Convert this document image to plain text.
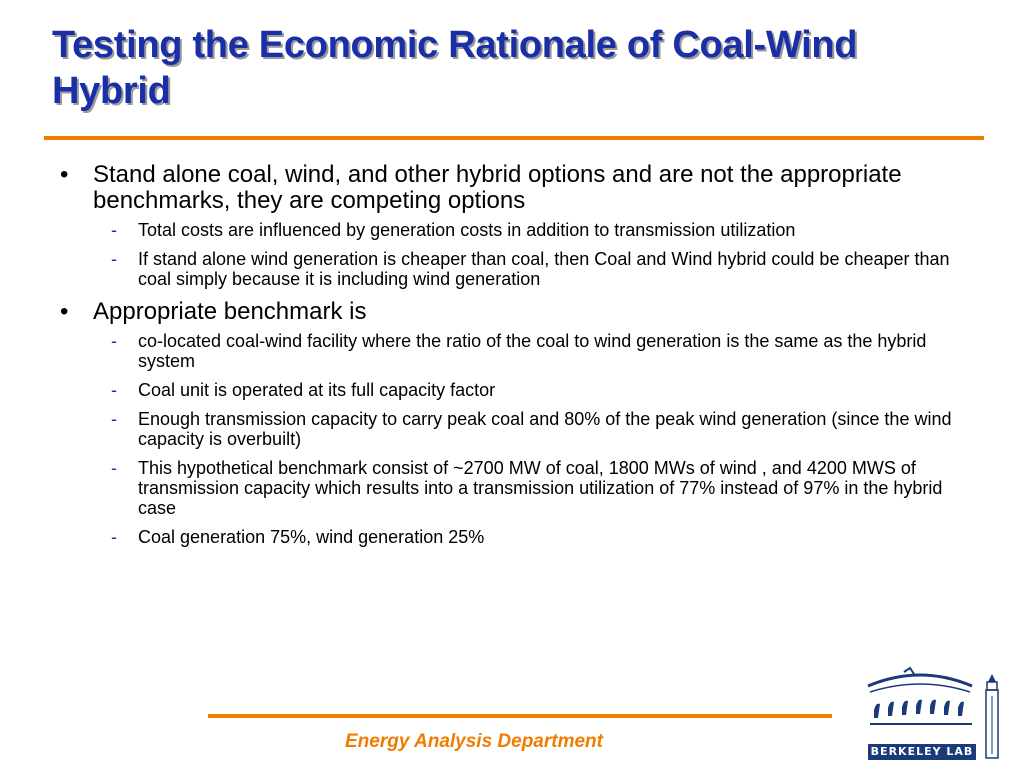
Testing the Economic Rationale of Coal-Wind Hybrid
•	Stand alone coal, wind, and other hybrid options and are not the appropriate benchmarks, they are competing options
-	Total costs are influenced by generation costs in addition to transmission utilization
-	If stand alone wind generation is cheaper than coal, then Coal and Wind hybrid could be cheaper than coal simply because it is including wind generation
•	Appropriate benchmark is
-	co-located coal-wind facility where the ratio of the coal to wind generation is the same as the hybrid system
-	Coal unit is operated at its full capacity factor
-	Enough transmission capacity to carry peak coal and 80% of the peak wind generation (since the wind capacity is overbuilt)
-	This hypothetical benchmark consist of ~2700 MW of coal, 1800 MWs of wind , and 4200 MWS of transmission capacity which results into a transmission utilization of 77% instead of 97% in the hybrid case
-	Coal generation 75%, wind generation 25%
Energy Analysis Department	BERKELEY LAB
